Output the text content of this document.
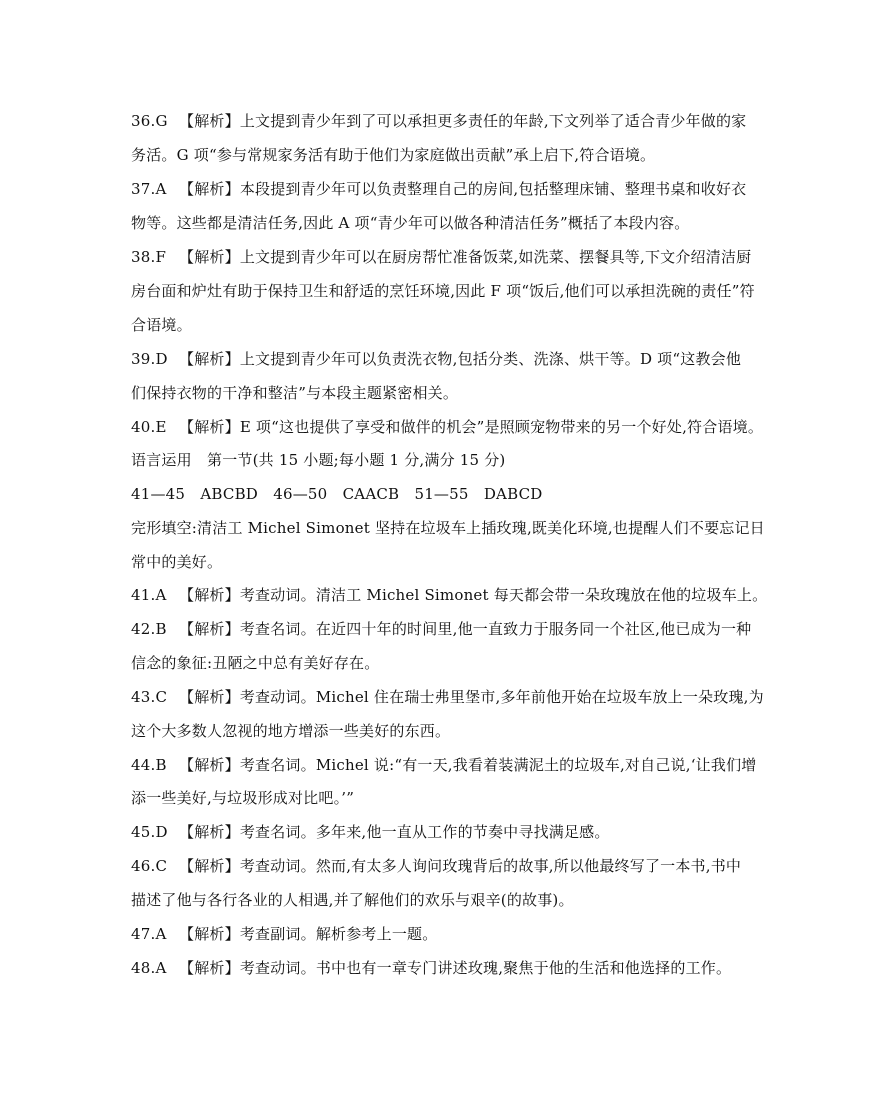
36.G 【解析】上文提到青少年到了可以承担更多责任的年龄,下文列举了适合青少年做的家
务活。G 项“参与常规家务活有助于他们为家庭做出贡献”承上启下,符合语境。
37.A 【解析】本段提到青少年可以负责整理自己的房间,包括整理床铺、整理书桌和收好衣
物等。这些都是清洁任务,因此 A 项“青少年可以做各种清洁任务”概括了本段内容。
38.F 【解析】上文提到青少年可以在厨房帮忙准备饭菜,如洗菜、摆餐具等,下文介绍清洁厨
房台面和炉灶有助于保持卫生和舒适的烹饪环境,因此 F 项“饭后,他们可以承担洗碗的责任”符
合语境。
39.D 【解析】上文提到青少年可以负责洗衣物,包括分类、洗涤、烘干等。D 项“这教会他
们保持衣物的干净和整洁”与本段主题紧密相关。
40.E 【解析】E 项“这也提供了享受和做伴的机会”是照顾宠物带来的另一个好处,符合语境。
语言运用　第一节(共 15 小题;每小题 1 分,满分 15 分)
41—45　ABCBD　46—50　CAACB　51—55　DABCD
完形填空:清洁工 Michel Simonet 坚持在垃圾车上插玫瑰,既美化环境,也提醒人们不要忘记日
常中的美好。
41.A 【解析】考查动词。清洁工 Michel Simonet 每天都会带一朵玫瑰放在他的垃圾车上。
42.B 【解析】考查名词。在近四十年的时间里,他一直致力于服务同一个社区,他已成为一种
信念的象征:丑陋之中总有美好存在。
43.C 【解析】考查动词。Michel 住在瑞士弗里堡市,多年前他开始在垃圾车放上一朵玫瑰,为
这个大多数人忽视的地方增添一些美好的东西。
44.B 【解析】考查名词。Michel 说:“有一天,我看着装满泥土的垃圾车,对自己说,‘让我们增
添一些美好,与垃圾形成对比吧。’”
45.D 【解析】考查名词。多年来,他一直从工作的节奏中寻找满足感。
46.C 【解析】考查动词。然而,有太多人询问玫瑰背后的故事,所以他最终写了一本书,书中
描述了他与各行各业的人相遇,并了解他们的欢乐与艰辛(的故事)。
47.A 【解析】考查副词。解析参考上一题。
48.A 【解析】考查动词。书中也有一章专门讲述玫瑰,聚焦于他的生活和他选择的工作。
